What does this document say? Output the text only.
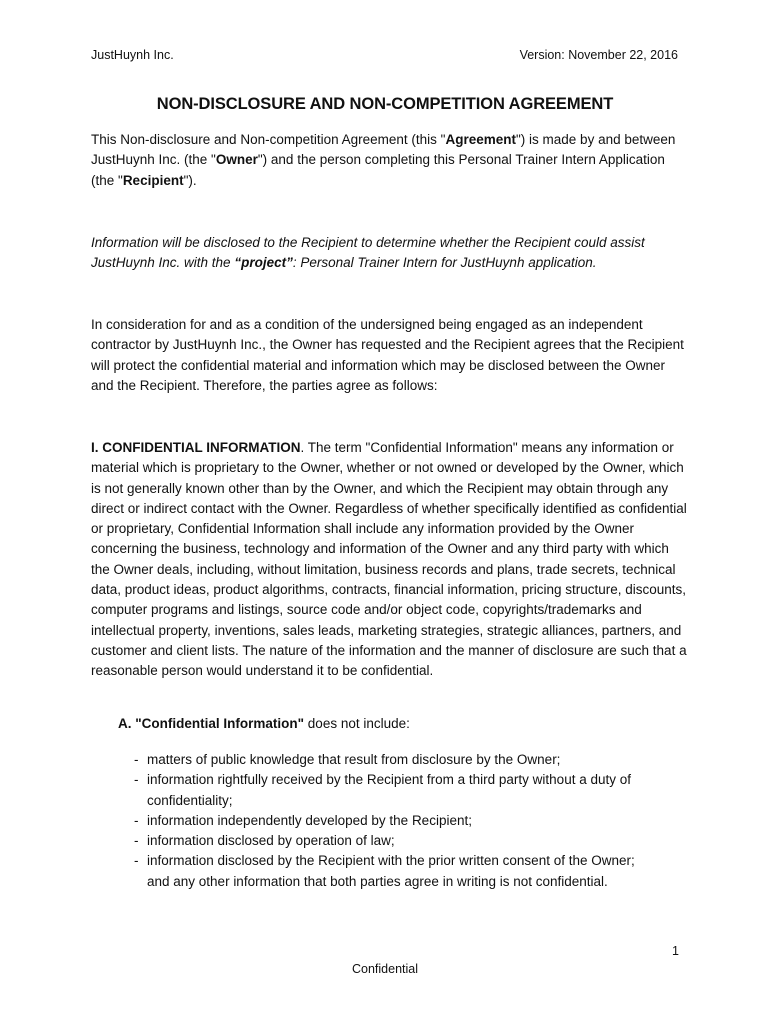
JustHuynh Inc.	Version: November 22, 2016
NON-DISCLOSURE AND NON-COMPETITION AGREEMENT
This Non-disclosure and Non-competition Agreement (this "Agreement") is made by and between JustHuynh Inc. (the "Owner") and the person completing this Personal Trainer Intern Application (the "Recipient").
Information will be disclosed to the Recipient to determine whether the Recipient could assist JustHuynh Inc. with the “project”: Personal Trainer Intern for JustHuynh application.
In consideration for and as a condition of the undersigned being engaged as an independent contractor by JustHuynh Inc., the Owner has requested and the Recipient agrees that the Recipient will protect the confidential material and information which may be disclosed between the Owner and the Recipient. Therefore, the parties agree as follows:
I. CONFIDENTIAL INFORMATION. The term "Confidential Information" means any information or material which is proprietary to the Owner, whether or not owned or developed by the Owner, which is not generally known other than by the Owner, and which the Recipient may obtain through any direct or indirect contact with the Owner. Regardless of whether specifically identified as confidential or proprietary, Confidential Information shall include any information provided by the Owner concerning the business, technology and information of the Owner and any third party with which the Owner deals, including, without limitation, business records and plans, trade secrets, technical data, product ideas, product algorithms, contracts, financial information, pricing structure, discounts, computer programs and listings, source code and/or object code, copyrights/trademarks and intellectual property, inventions, sales leads, marketing strategies, strategic alliances, partners, and customer and client lists. The nature of the information and the manner of disclosure are such that a reasonable person would understand it to be confidential.
A. "Confidential Information" does not include:
- matters of public knowledge that result from disclosure by the Owner;
- information rightfully received by the Recipient from a third party without a duty of confidentiality;
- information independently developed by the Recipient;
- information disclosed by operation of law;
- information disclosed by the Recipient with the prior written consent of the Owner;
and any other information that both parties agree in writing is not confidential.
1
Confidential
